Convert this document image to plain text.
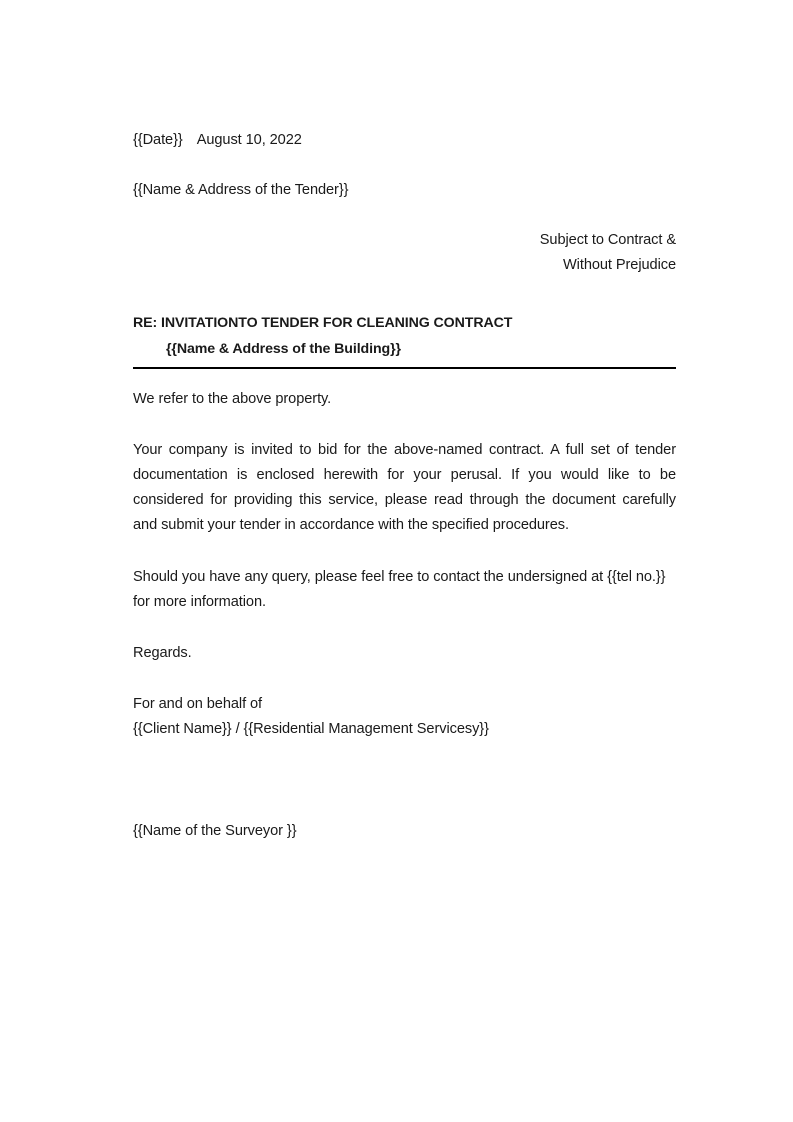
{{Date}} August 10, 2022
{{Name & Address of the Tender}}
Subject to Contract &
Without Prejudice
RE: INVITATIONTO TENDER FOR CLEANING CONTRACT
{{Name & Address of the Building}}
We refer to the above property.
Your company is invited to bid for the above-named contract. A full set of tender documentation is enclosed herewith for your perusal. If you would like to be considered for providing this service, please read through the document carefully and submit your tender in accordance with the specified procedures.
Should you have any query, please feel free to contact the undersigned at {{tel no.}} for more information.
Regards.
For and on behalf of
{{Client Name}} / {{Residential Management Servicesy}}
{{Name of the Surveyor }}
